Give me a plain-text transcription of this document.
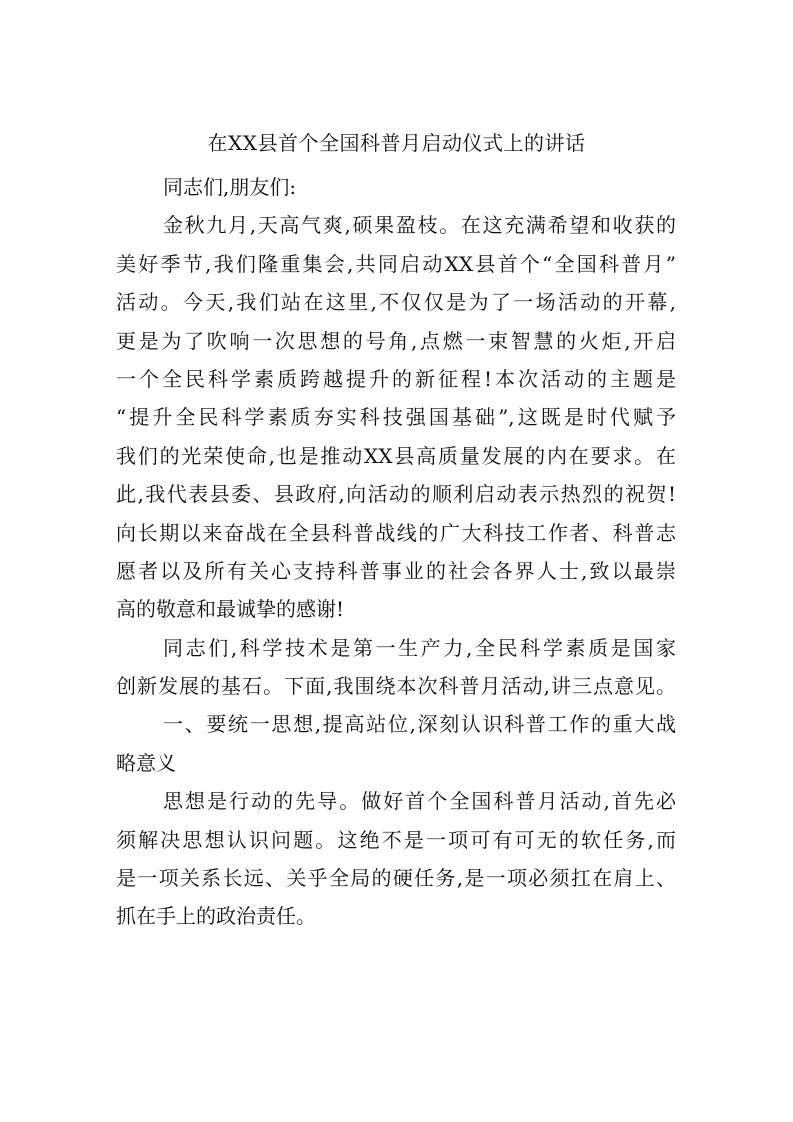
在XX县首个全国科普月启动仪式上的讲话
同志们,朋友们:
金秋九月,天高气爽,硕果盈枝。在这充满希望和收获的
美好季节,我们隆重集会,共同启动XX县首个“全国科普月”
活动。今天,我们站在这里,不仅仅是为了一场活动的开幕,
更是为了吹响一次思想的号角,点燃一束智慧的火炬,开启
一个全民科学素质跨越提升的新征程!本次活动的主题是
“提升全民科学素质夯实科技强国基础”,这既是时代赋予
我们的光荣使命,也是推动XX县高质量发展的内在要求。在
此,我代表县委、县政府,向活动的顺利启动表示热烈的祝贺!
向长期以来奋战在全县科普战线的广大科技工作者、科普志
愿者以及所有关心支持科普事业的社会各界人士,致以最崇
高的敬意和最诚挚的感谢!
同志们,科学技术是第一生产力,全民科学素质是国家
创新发展的基石。下面,我围绕本次科普月活动,讲三点意见。
一、要统一思想,提高站位,深刻认识科普工作的重大战
略意义
思想是行动的先导。做好首个全国科普月活动,首先必
须解决思想认识问题。这绝不是一项可有可无的软任务,而
是一项关系长远、关乎全局的硬任务,是一项必须扛在肩上、
抓在手上的政治责任。
